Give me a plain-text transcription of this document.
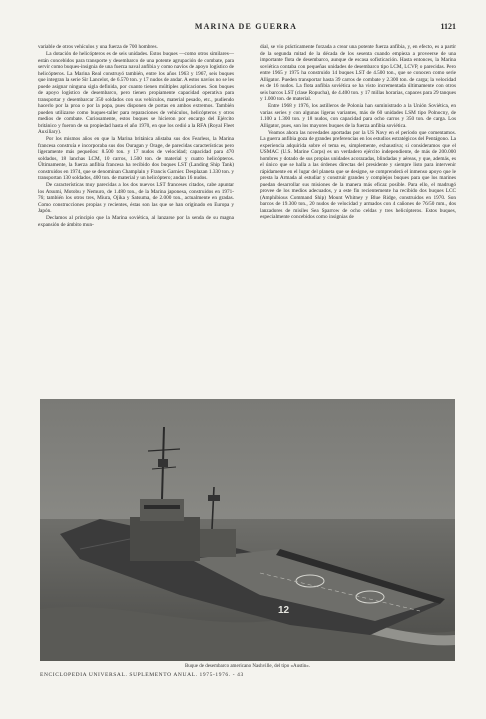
MARINA DE GUERRA	1121

variable de otros vehículos y una fuerza de 700 hombres.

La dotación de helicópteros es de seis unidades. Estos buques —como otros similares— están concebidos para transporte y desembarco de una potente agrupación de combate, para servir como buques-insignia de una fuerza naval anfibia y como navíos de apoyo logístico de helicópteros. La Marina Real construyó también, entre los años 1963 y 1967, seis buques que integran la serie Sir Lancelot, de 6.570 ton. y 17 nudos de andar. A estos navíos no se les puede asignar ninguna sigla definida, por cuanto tienen múltiples aplicaciones. Son buques de apoyo logístico de desembarco, pero tienen propiamente capacidad operativa para transportar y desembarcar 350 soldados con sus vehículos, material pesado, etc., pudiendo hacerlo por la proa o por la popa, pues disponen de portas en ambos extremos. También pueden utilizarse como buques-taller para reparaciones de vehículos, helicópteros y otros medios de combate. Curiosamente, estos buques se hicieron por encargo del Ejército británico y fueron de su propiedad hasta el año 1970, en que los cedió a la RFA (Royal Fleet Auxiliary).

Por los mismos años en que la Marina británica alistaba sus dos Fearless, la Marina francesa construía e incorporaba sus dos Ouragan y Orage, de parecidas características pero ligeramente más pequeños: 8.500 ton. y 17 nudos de velocidad; capacidad para 470 soldados, 18 lanchas LCM, 10 carros, 1.500 ton. de material y cuatro helicópteros. Últimamente, la fuerza anfibia francesa ha recibido dos buques LST (Landing Ship Tank) construidos en 1974, que se denominan Champlain y Francis Garnier. Desplazan 1.330 ton. y transportan 130 soldados, 400 ton. de material y un helicóptero; andan 16 nudos.

De características muy parecidas a los dos nuevos LST franceses citados, cabe apuntar los Atsumi, Motobu y Nemuro, de 1.480 ton., de la Marina japonesa, construidos en 1971-76; también los otros tres, Miura, Ojika y Satsuma, de 2.000 ton., actualmente en gradas. Como construcciones propias y recientes, éstas son las que se han originado en Europa y Japón.

Declamos al principio que la Marina soviética, al lanzarse por la senda de su magna expansión de ámbito mun-

dial, se vio prácticamente forzada a crear una potente fuerza anfibia, y, en efecto, es a partir de la segunda mitad de la década de los sesenta cuando empieza a proveerse de una importante flota de desembarco, aunque de escasa sofisticación. Hasta entonces, la Marina soviética contaba con pequeñas unidades de desembarco tipo LCM, LCVP, o parecidas. Pero entre 1965 y 1975 ha construido 14 buques LST de 4.500 ton., que se conocen como serie Alligator. Pueden transportar hasta 39 carros de combate y 2.300 ton. de carga; la velocidad es de 16 nudos. La flota anfibia soviética se ha visto incrementada últimamente con otros seis barcos LST (clase Ropucha), de 4.400 ton. y 17 millas horarias, capaces para 29 tanques y 1.000 ton. de material.

Entre 1968 y 1976, los astilleros de Polonia han suministrado a la Unión Soviética, en varias series y con algunas ligeras variantes, más de 60 unidades LSM tipo Polnocny, de 1.100 a 1.300 ton. y 18 nudos, con capacidad para ocho carros y 350 ton. de carga. Los Alligator, pues, son los mayores buques de la fuerza anfibia soviética.

Veamos ahora las novedades aportadas por la US Navy en el período que comentamos. La guerra anfibia goza de grandes preferencias en los estudios estratégicos del Pentágono. La experiencia adquirida sobre el tema es, simplemente, exhaustiva; si consideramos que el USMAC (U.S. Marine Corps) es un verdadero ejército independiente, de más de 200.000 hombres y dotado de sus propias unidades acorazadas, blindadas y aéreas, y que, además, es el único que se halla a las órdenes directas del presidente y siempre listo para intervenir rápidamente en el lugar del planeta que se designe, se comprenderá el inmenso apoyo que le presta la Armada al estudiar y construir grandes y complejos buques para que los marines puedan desarrollar sus misiones de la manera más eficaz posible. Para ello, el madrugó provee de los medios adecuados, y a este fin recientemente ha recibido dos buques LCC (Amphibious Command Ship) Mount Whitney y Blue Ridge, construidos en 1970. Son barcos de 19.300 ton., 20 nudos de velocidad y armados con 4 cañones de 76/50 mm., dos lanzadores de misiles Sea Sparrow de ocho celdas y tres helicópteros. Estos buques, especialmente concebidos como insignias de

12
Buque de desembarco americano Nashville, del tipo «Austin».
ENCICLOPEDIA UNIVERSAL. SUPLEMENTO ANUAL. 1975-1976. - 43
